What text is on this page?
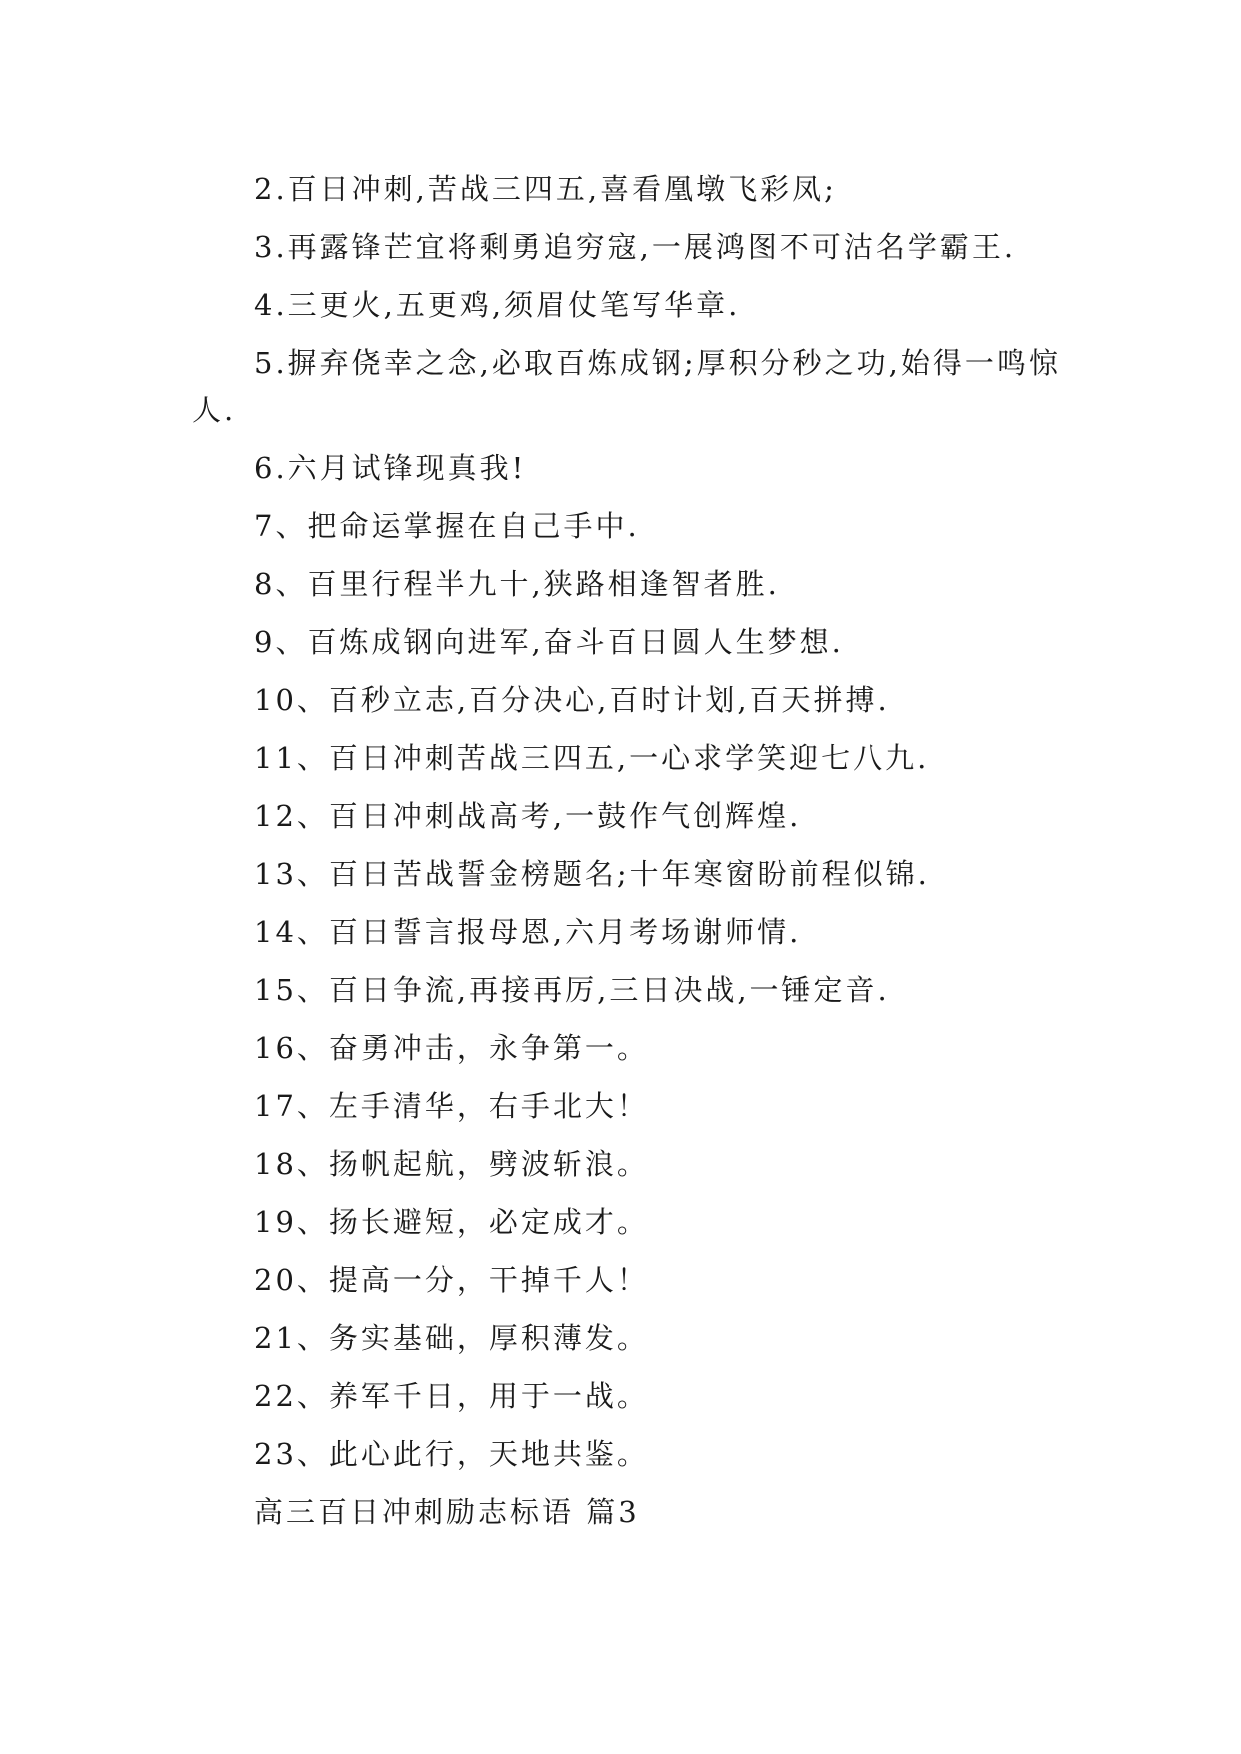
2.百日冲刺,苦战三四五,喜看凰墩飞彩凤;

3.再露锋芒宜将剩勇追穷寇,一展鸿图不可沽名学霸王.

4.三更火,五更鸡,须眉仗笔写华章.

5.摒弃侥幸之念,必取百炼成钢;厚积分秒之功,始得一鸣惊人.

6.六月试锋现真我!

7、把命运掌握在自己手中.

8、百里行程半九十,狭路相逢智者胜.

9、百炼成钢向进军,奋斗百日圆人生梦想.

10、百秒立志,百分决心,百时计划,百天拼搏.

11、百日冲刺苦战三四五,一心求学笑迎七八九.

12、百日冲刺战高考,一鼓作气创辉煌.

13、百日苦战誓金榜题名;十年寒窗盼前程似锦.

14、百日誓言报母恩,六月考场谢师情.

15、百日争流,再接再厉,三日决战,一锤定音.

16、奋勇冲击，永争第一。

17、左手清华，右手北大！

18、扬帆起航，劈波斩浪。

19、扬长避短，必定成才。

20、提高一分，干掉千人！

21、务实基础，厚积薄发。

22、养军千日，用于一战。

23、此心此行，天地共鉴。

高三百日冲刺励志标语 篇3
